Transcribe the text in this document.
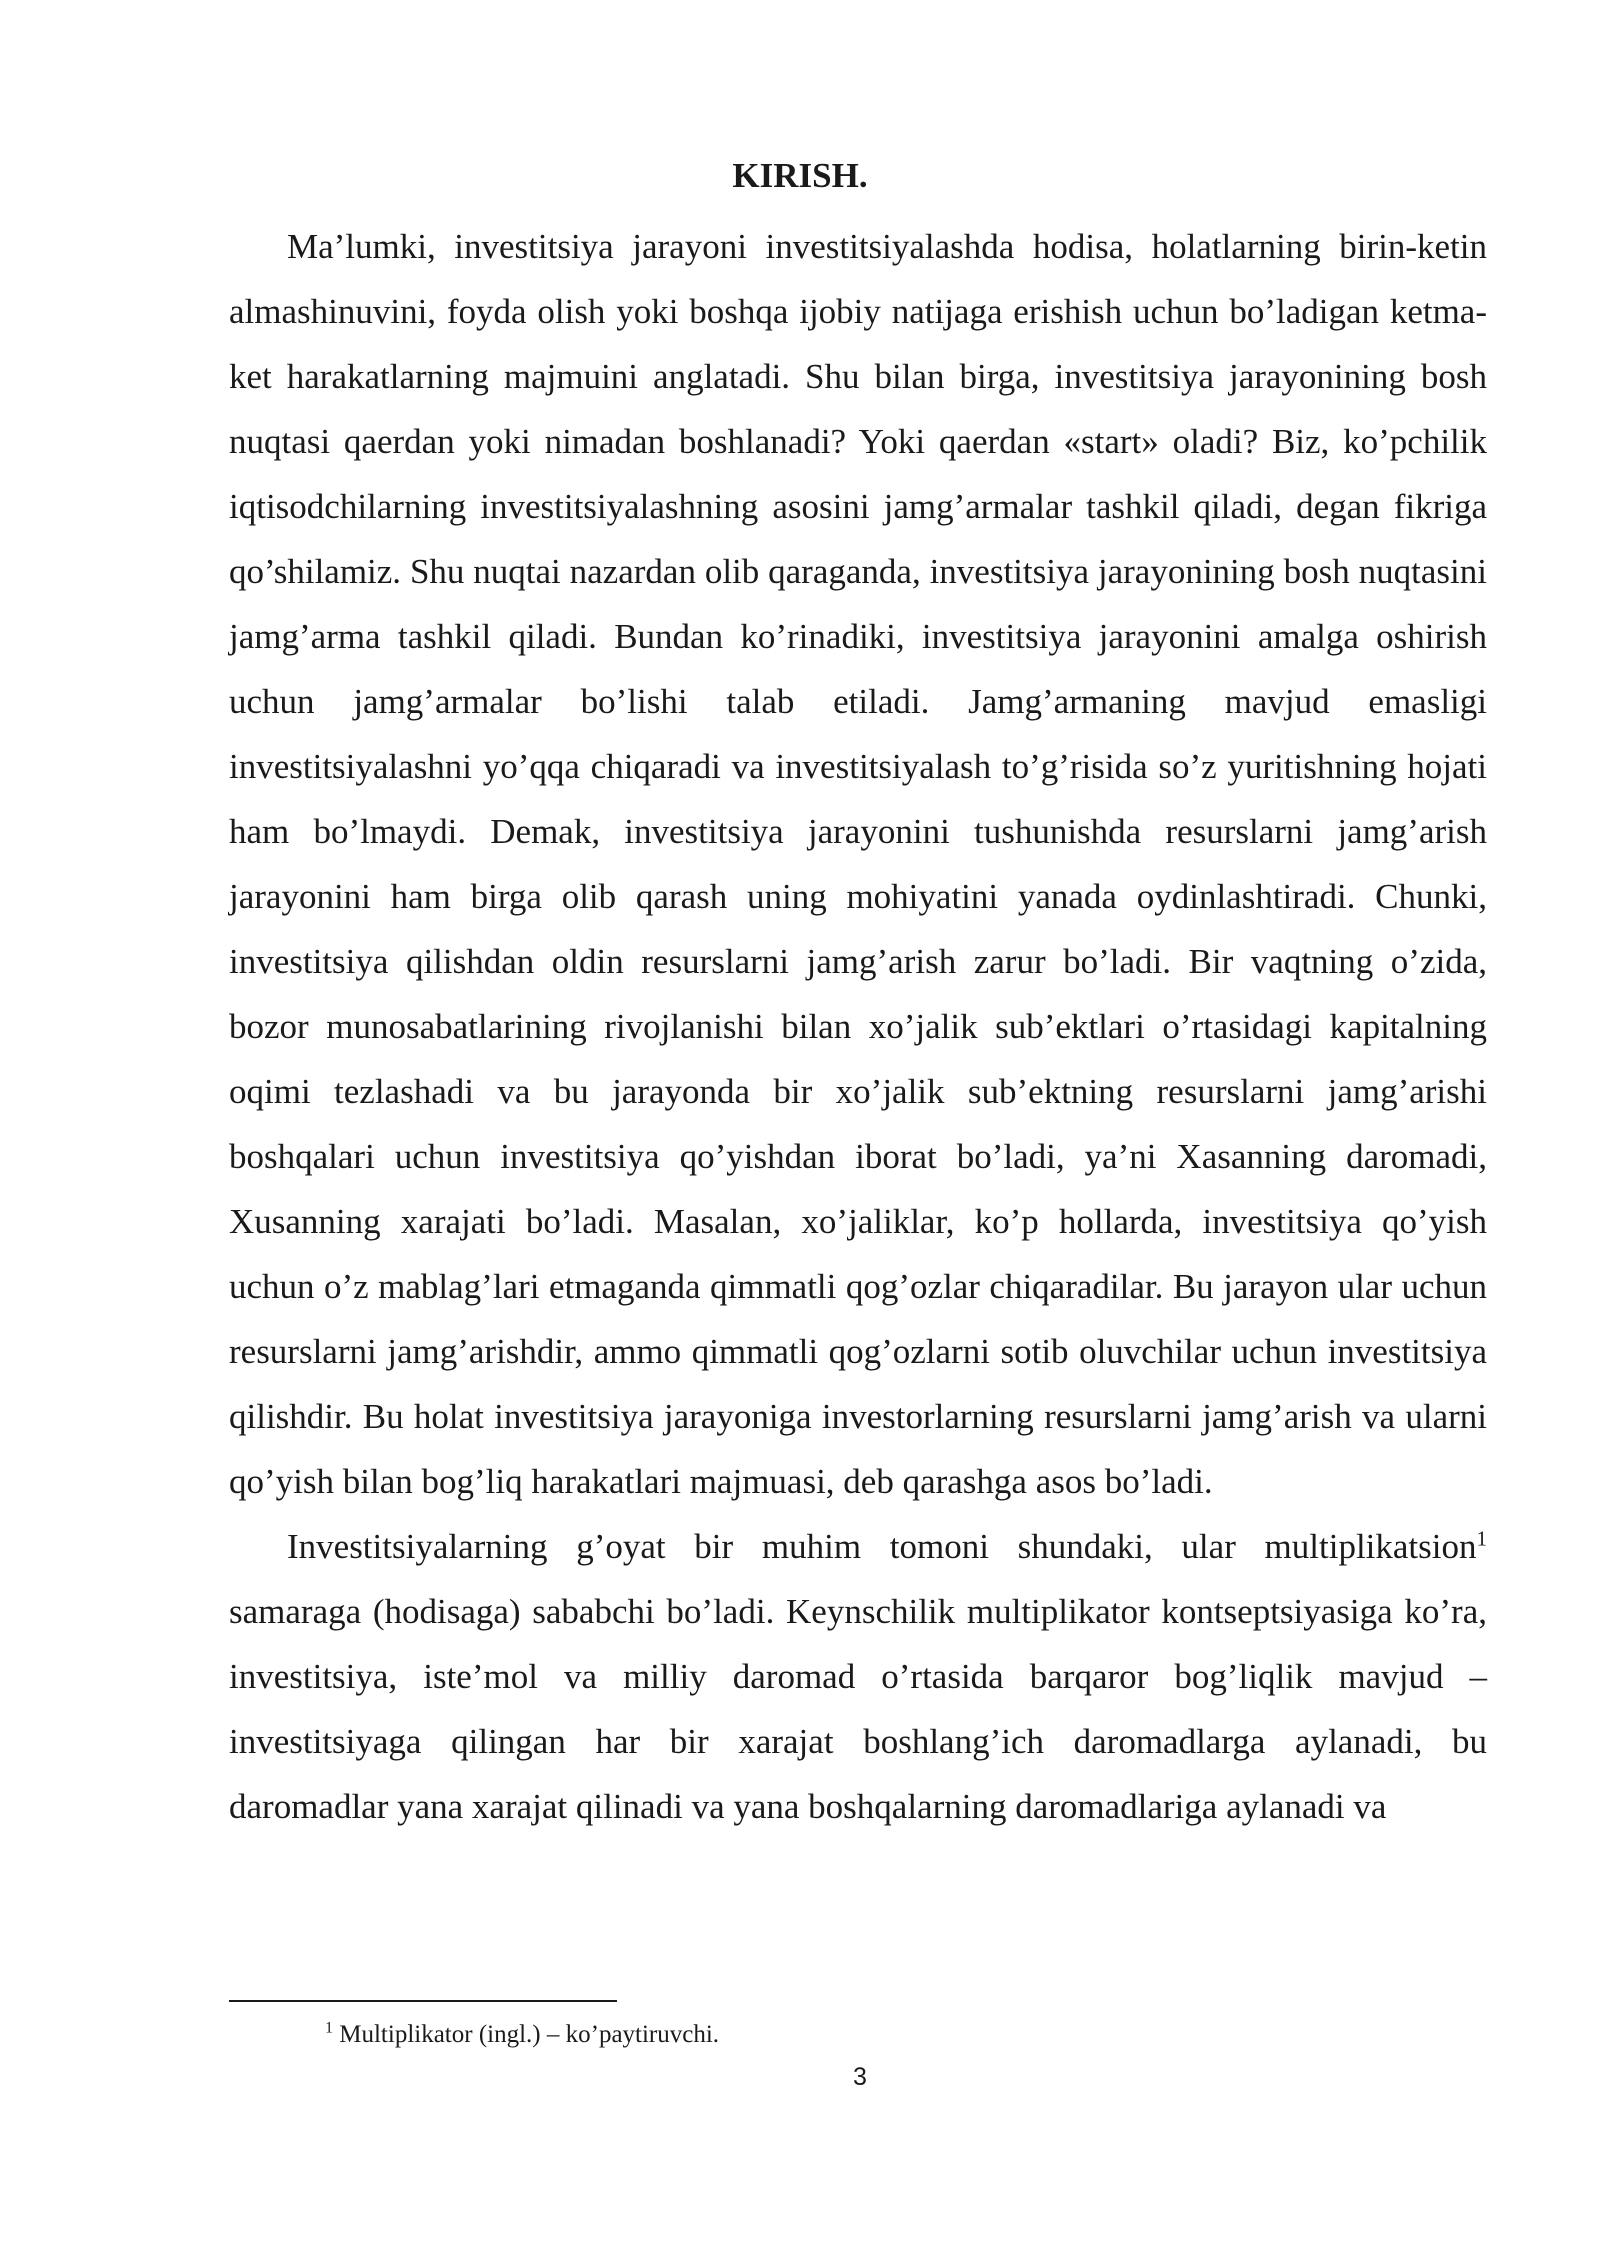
KIRISH.

Ma’lumki, investitsiya jarayoni investitsiyalashda hodisa, holatlarning birin-ketin almashinuvini, foyda olish yoki boshqa ijobiy natijaga erishish uchun bo’ladigan ketma-ket harakatlarning majmuini anglatadi. Shu bilan birga, investitsiya jarayonining bosh nuqtasi qaerdan yoki nimadan boshlanadi? Yoki qaerdan «start» oladi? Biz, ko’pchilik iqtisodchilarning investitsiyalashning asosini jamg’armalar tashkil qiladi, degan fikriga qo’shilamiz. Shu nuqtai nazardan olib qaraganda, investitsiya jarayonining bosh nuqtasini jamg’arma tashkil qiladi. Bundan ko’rinadiki, investitsiya jarayonini amalga oshirish uchun jamg’armalar bo’lishi talab etiladi. Jamg’armaning mavjud emasligi investitsiyalashni yo’qqa chiqaradi va investitsiyalash to’g’risida so’z yuritishning hojati ham bo’lmaydi. Demak, investitsiya jarayonini tushunishda resurslarni jamg’arish jarayonini ham birga olib qarash uning mohiyatini yanada oydinlashtiradi. Chunki, investitsiya qilishdan oldin resurslarni jamg’arish zarur bo’ladi. Bir vaqtning o’zida, bozor munosabatlarining rivojlanishi bilan xo’jalik sub’ektlari o’rtasidagi kapitalning oqimi tezlashadi va bu jarayonda bir xo’jalik sub’ektning resurslarni jamg’arishi boshqalari uchun investitsiya qo’yishdan iborat bo’ladi, ya’ni Xasanning daromadi, Xusanning xarajati bo’ladi. Masalan, xo’jaliklar, ko’p hollarda, investitsiya qo’yish uchun o’z mablag’lari etmaganda qimmatli qog’ozlar chiqaradilar. Bu jarayon ular uchun resurslarni jamg’arishdir, ammo qimmatli qog’ozlarni sotib oluvchilar uchun investitsiya qilishdir. Bu holat investitsiya jarayoniga investorlarning resurslarni jamg’arish va ularni qo’yish bilan bog’liq harakatlari majmuasi, deb qarashga asos bo’ladi.

Investitsiyalarning g’oyat bir muhim tomoni shundaki, ular multiplikatsion$^1$ samaraga (hodisaga) sababchi bo’ladi. Keynschilik multiplikator kontseptsiyasiga ko’ra, investitsiya, iste’mol va milliy daromad o’rtasida barqaror bog’liqlik mavjud – investitsiyaga qilingan har bir xarajat boshlang’ich daromadlarga aylanadi, bu daromadlar yana xarajat qilinadi va yana boshqalarning daromadlariga aylanadi va

$^1$ Multiplikator (ingl.) – ko’paytiruvchi.

3
